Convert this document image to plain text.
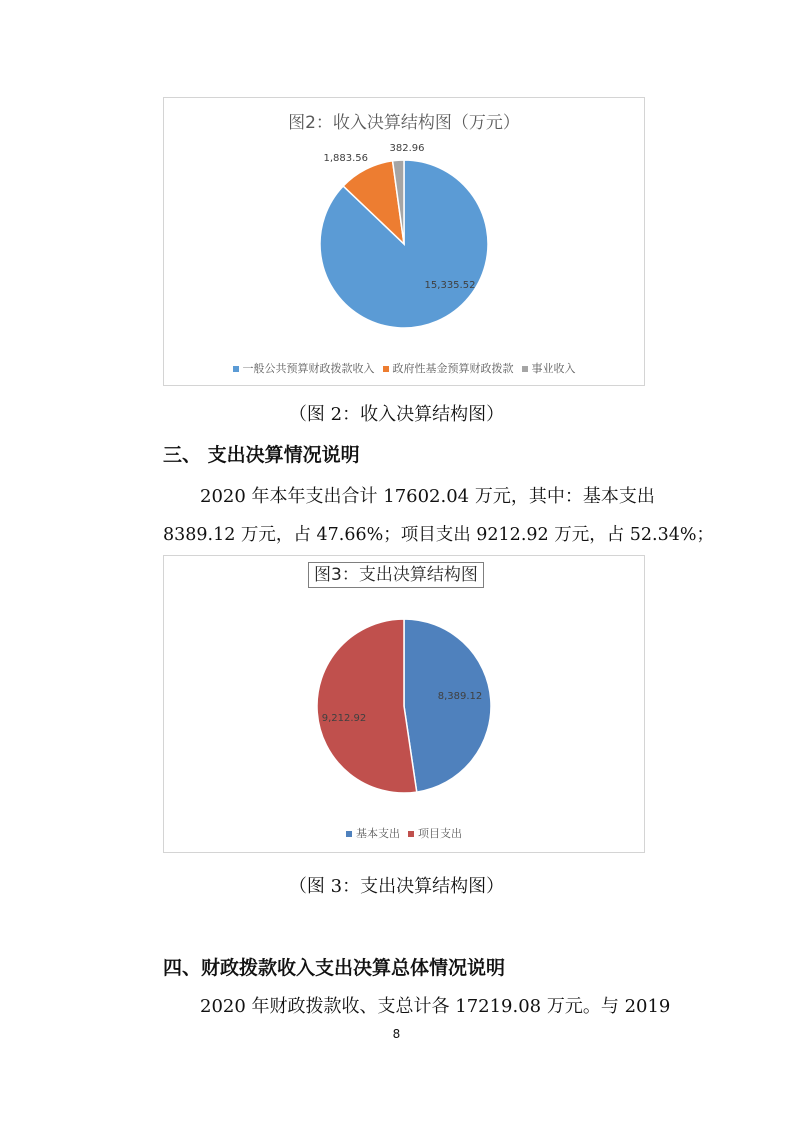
图2：收入决算结构图（万元）
15,335.52
1,883.56
382.96
一般公共预算财政拨款收入 政府性基金预算财政拨款 事业收入
（图 2：收入决算结构图）
三、 支出决算情况说明
2020 年本年支出合计 17602.04 万元，其中：基本支出
8389.12 万元，占 47.66%；项目支出 9212.92 万元，占 52.34%；
图3：支出决算结构图
8,389.12
9,212.92
基本支出 项目支出
（图 3：支出决算结构图）
四、财政拨款收入支出决算总体情况说明
2020 年财政拨款收、支总计各 17219.08 万元。与 2019
8
